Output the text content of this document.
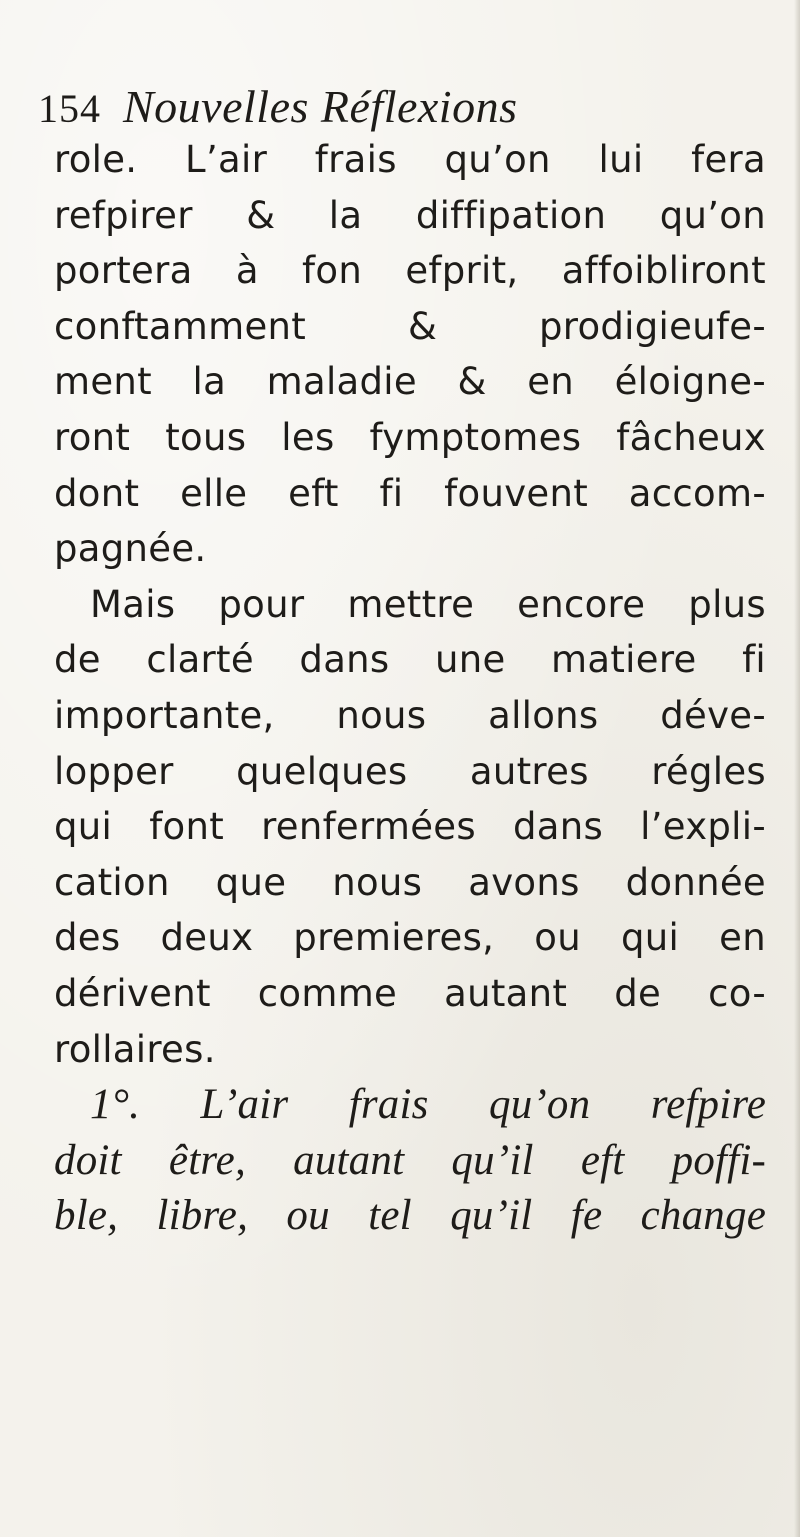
154 Nouvelles Réflexions
role. L’air frais qu’on lui fera
refpirer & la diffipation qu’on
portera à fon efprit, affoibliront
conftamment & prodigieufe-
ment la maladie & en éloigne-
ront tous les fymptomes fâcheux
dont elle eft fi fouvent accom-
pagnée.
Mais pour mettre encore plus
de clarté dans une matiere fi
importante, nous allons déve-
lopper quelques autres régles
qui font renfermées dans l’expli-
cation que nous avons donnée
des deux premieres, ou qui en
dérivent comme autant de co-
rollaires.
1°. L’air frais qu’on refpire
doit être, autant qu’il eft poffi-
ble, libre, ou tel qu’il fe change
